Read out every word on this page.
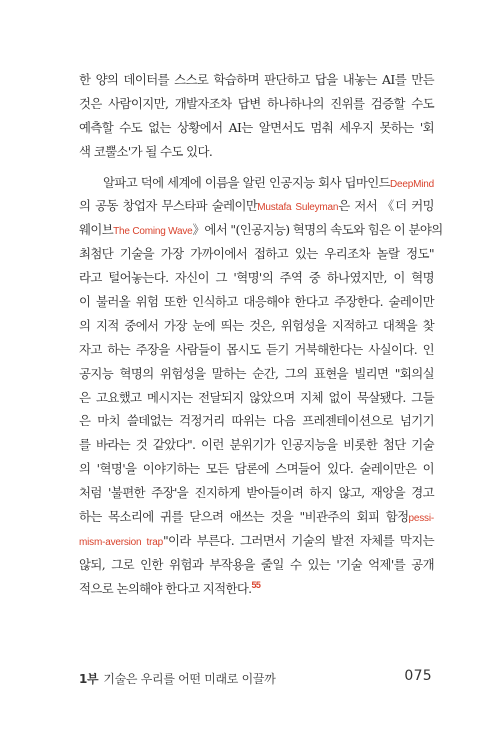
한 양의 데이터를 스스로 학습하며 판단하고 답을 내놓는 AI를 만든
것은 사람이지만, 개발자조차 답변 하나하나의 진위를 검증할 수도
예측할 수도 없는 상황에서 AI는 알면서도 멈춰 세우지 못하는 '회
색 코뿔소'가 될 수도 있다.
알파고 덕에 세계에 이름을 알린 인공지능 회사 딥마인드DeepMind
의 공동 창업자 무스타파 술레이만Mustafa Suleyman은 저서 《더 커밍
웨이브The Coming Wave》에서 "(인공지능) 혁명의 속도와 힘은 이 분야의
최첨단 기술을 가장 가까이에서 접하고 있는 우리조차 놀랄 정도"
라고 털어놓는다. 자신이 그 '혁명'의 주역 중 하나였지만, 이 혁명
이 불러올 위험 또한 인식하고 대응해야 한다고 주장한다. 술레이만
의 지적 중에서 가장 눈에 띄는 것은, 위험성을 지적하고 대책을 찾
자고 하는 주장을 사람들이 몹시도 듣기 거북해한다는 사실이다. 인
공지능 혁명의 위험성을 말하는 순간, 그의 표현을 빌리면 "회의실
은 고요했고 메시지는 전달되지 않았으며 지체 없이 묵살됐다. 그들
은 마치 쓸데없는 걱정거리 따위는 다음 프레젠테이션으로 넘기기
를 바라는 것 같았다". 이런 분위기가 인공지능을 비롯한 첨단 기술
의 '혁명'을 이야기하는 모든 담론에 스며들어 있다. 술레이만은 이
처럼 '불편한 주장'을 진지하게 받아들이려 하지 않고, 재앙을 경고
하는 목소리에 귀를 닫으려 애쓰는 것을 "비관주의 회피 함정pessi-
mism-aversion trap"이라 부른다. 그러면서 기술의 발전 자체를 막지는
않되, 그로 인한 위험과 부작용을 줄일 수 있는 '기술 억제'를 공개
적으로 논의해야 한다고 지적한다.$^{55}$
1부 기술은 우리를 어떤 미래로 이끌까	075
